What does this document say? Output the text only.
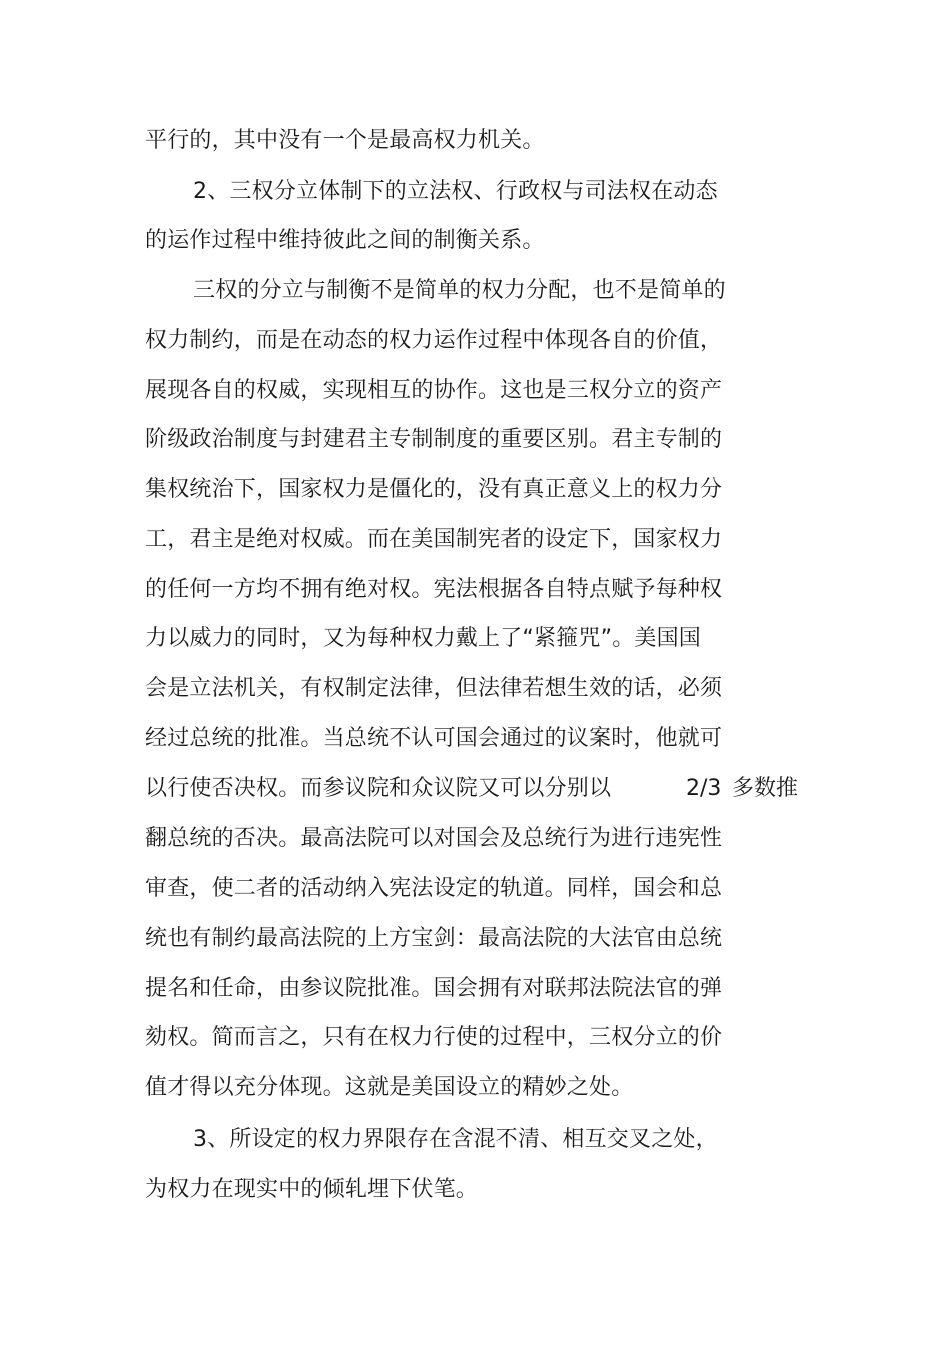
平行的，其中没有一个是最高权力机关。
2、三权分立体制下的立法权、行政权与司法权在动态
的运作过程中维持彼此之间的制衡关系。
三权的分立与制衡不是简单的权力分配，也不是简单的
权力制约，而是在动态的权力运作过程中体现各自的价值，
展现各自的权威，实现相互的协作。这也是三权分立的资产
阶级政治制度与封建君主专制制度的重要区别。君主专制的
集权统治下，国家权力是僵化的，没有真正意义上的权力分
工，君主是绝对权威。而在美国制宪者的设定下，国家权力
的任何一方均不拥有绝对权。宪法根据各自特点赋予每种权
力以威力的同时，又为每种权力戴上了“紧箍咒”。美国国
会是立法机关，有权制定法律，但法律若想生效的话，必须
经过总统的批准。当总统不认可国会通过的议案时，他就可
以行使否决权。而参议院和众议院又可以分别以	2/3 多数推
翻总统的否决。最高法院可以对国会及总统行为进行违宪性
审查，使二者的活动纳入宪法设定的轨道。同样，国会和总
统也有制约最高法院的上方宝剑：最高法院的大法官由总统
提名和任命，由参议院批准。国会拥有对联邦法院法官的弹
劾权。简而言之，只有在权力行使的过程中，三权分立的价
值才得以充分体现。这就是美国设立的精妙之处。
3、所设定的权力界限存在含混不清、相互交叉之处，
为权力在现实中的倾轧埋下伏笔。
